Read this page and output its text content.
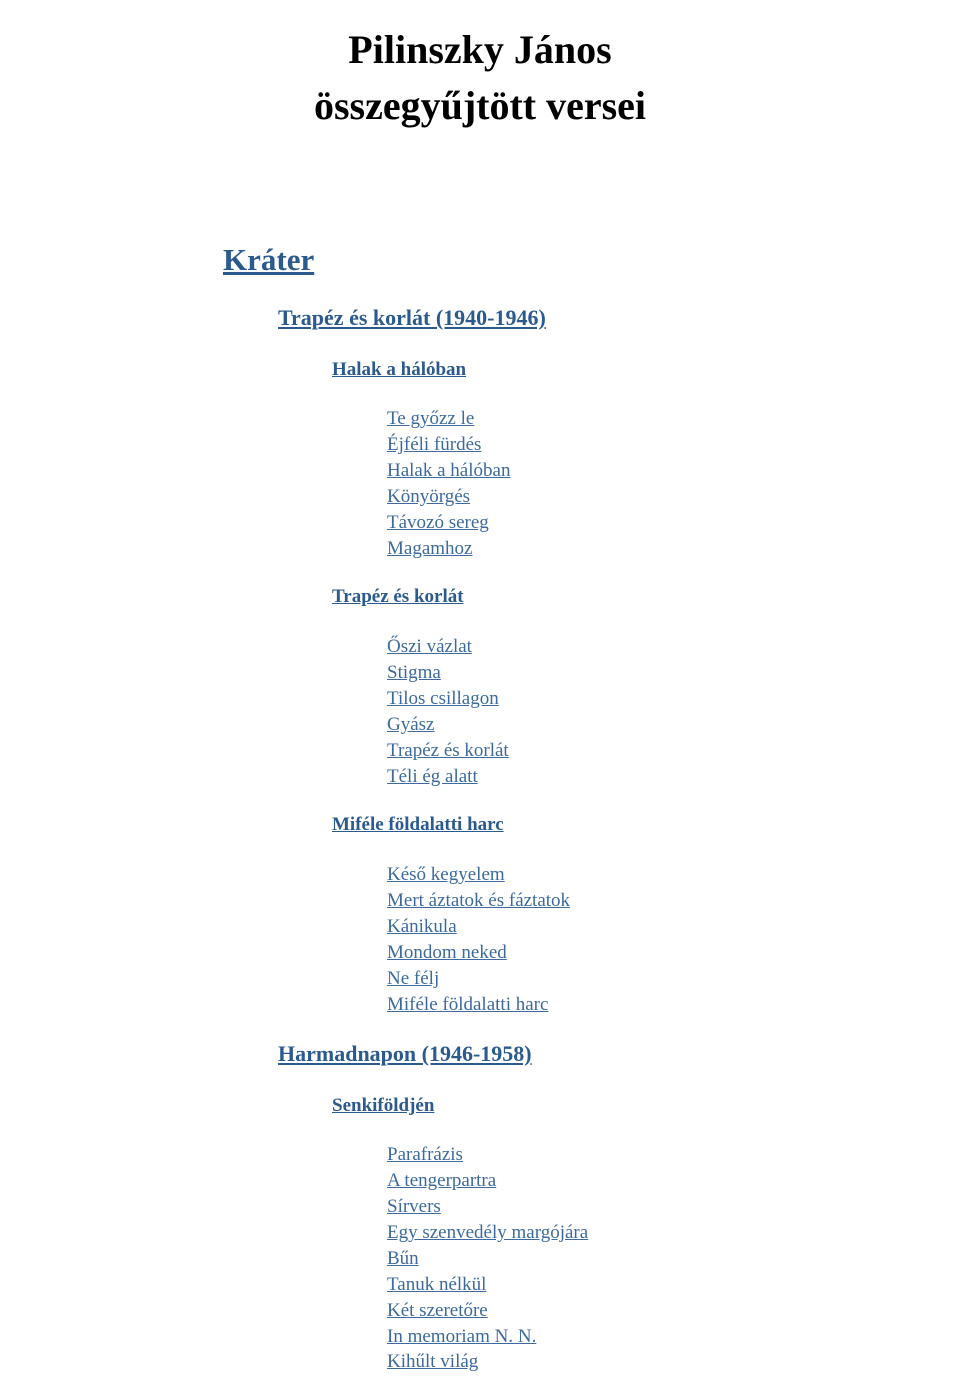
Pilinszky János
összegyűjtött versei
Kráter
Trapéz és korlát (1940-1946)
Halak a hálóban
Te győzz le
Éjféli fürdés
Halak a hálóban
Könyörgés
Távozó sereg
Magamhoz
Trapéz és korlát
Őszi vázlat
Stigma
Tilos csillagon
Gyász
Trapéz és korlát
Téli ég alatt
Miféle földalatti harc
Késő kegyelem
Mert áztatok és fáztatok
Kánikula
Mondom neked
Ne félj
Miféle földalatti harc
Harmadnapon (1946-1958)
Senkiföldjén
Parafrázis
A tengerpartra
Sírvers
Egy szenvedély margójára
Bűn
Tanuk nélkül
Két szeretőre
In memoriam N. N.
Kihűlt világ
